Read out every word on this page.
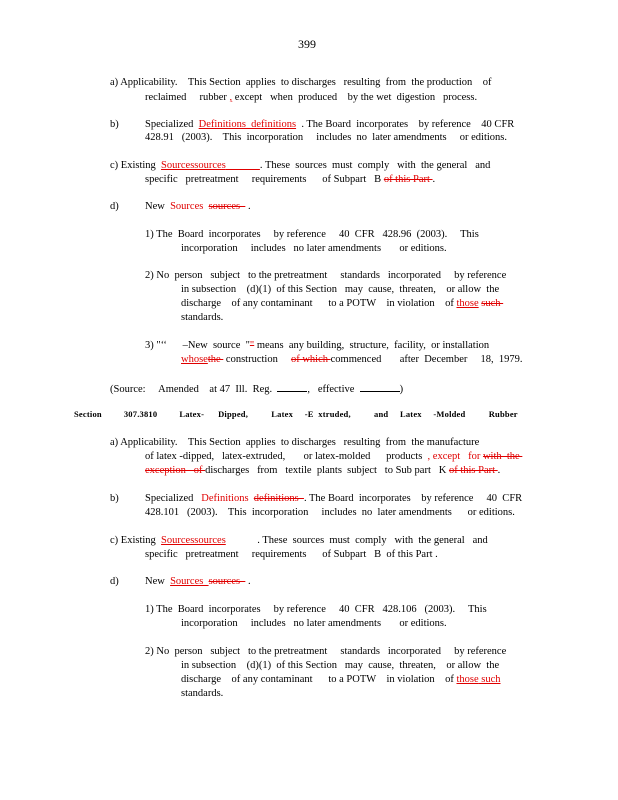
399
a) Applicability.    This Section  applies  to discharges   resulting  from  the production    of
reclaimed     rubber , except   when  produced    by the wet  digestion   process.
b)	Specialized  Definitions  definitions  . The Board  incorporates    by reference    40 CFR
428.91   (2003).    This  incorporation     includes  no  later amendments     or editions.
c) Existing  Sourcessources	. These  sources  must  comply   with  the general   and
specific   pretreatment     requirements      of Subpart   B of this Part .
d)	New  Sources sources   .
1) The  Board  incorporates     by reference     40  CFR   428.96  (2003).     This
incorporation     includes   no later amendments       or editions.
2) No  person   subject   to the pretreatment     standards   incorporated     by reference
in subsection    (d)(1)  of this Section   may  cause,  threaten,    or allow  the
discharge    of any contaminant      to a POTW    in violation    of those such
standards.
3) "‘‘      –New  source  "" means  any building,  structure,  facility,  or installation
whosethe  construction     of which commenced       after  December     18,  1979.
(Source:     Amended    at 47  Ill.  Reg.	,   effective	)
Section	307.3810	Latex-      Dipped,          Latex     -E  xtruded,          and     Latex     -Molded          Rubber
a) Applicability.    This Section  applies  to discharges   resulting  from  the manufacture
of latex -dipped,   latex-extruded,       or latex-molded      products  , except   for with  the
exception   of discharges   from   textile  plants  subject   to Sub part   K of this Part .
b)	Specialized   Definitions definitions  . The Board  incorporates    by reference     40  CFR
428.101   (2003).    This  incorporation     includes  no  later amendments      or editions.
c) Existing  Sourcessources            . These  sources  must  comply   with  the general   and
specific   pretreatment     requirements      of Subpart   B  of this Part .
d)	New  Sources  sources   .
1) The  Board  incorporates     by reference     40  CFR   428.106   (2003).     This
incorporation     includes   no later amendments       or editions.
2) No  person   subject   to the pretreatment     standards   incorporated     by reference
in subsection    (d)(1)  of this Section   may  cause,  threaten,    or allow  the
discharge    of any contaminant      to a POTW    in violation    of those such
standards.
